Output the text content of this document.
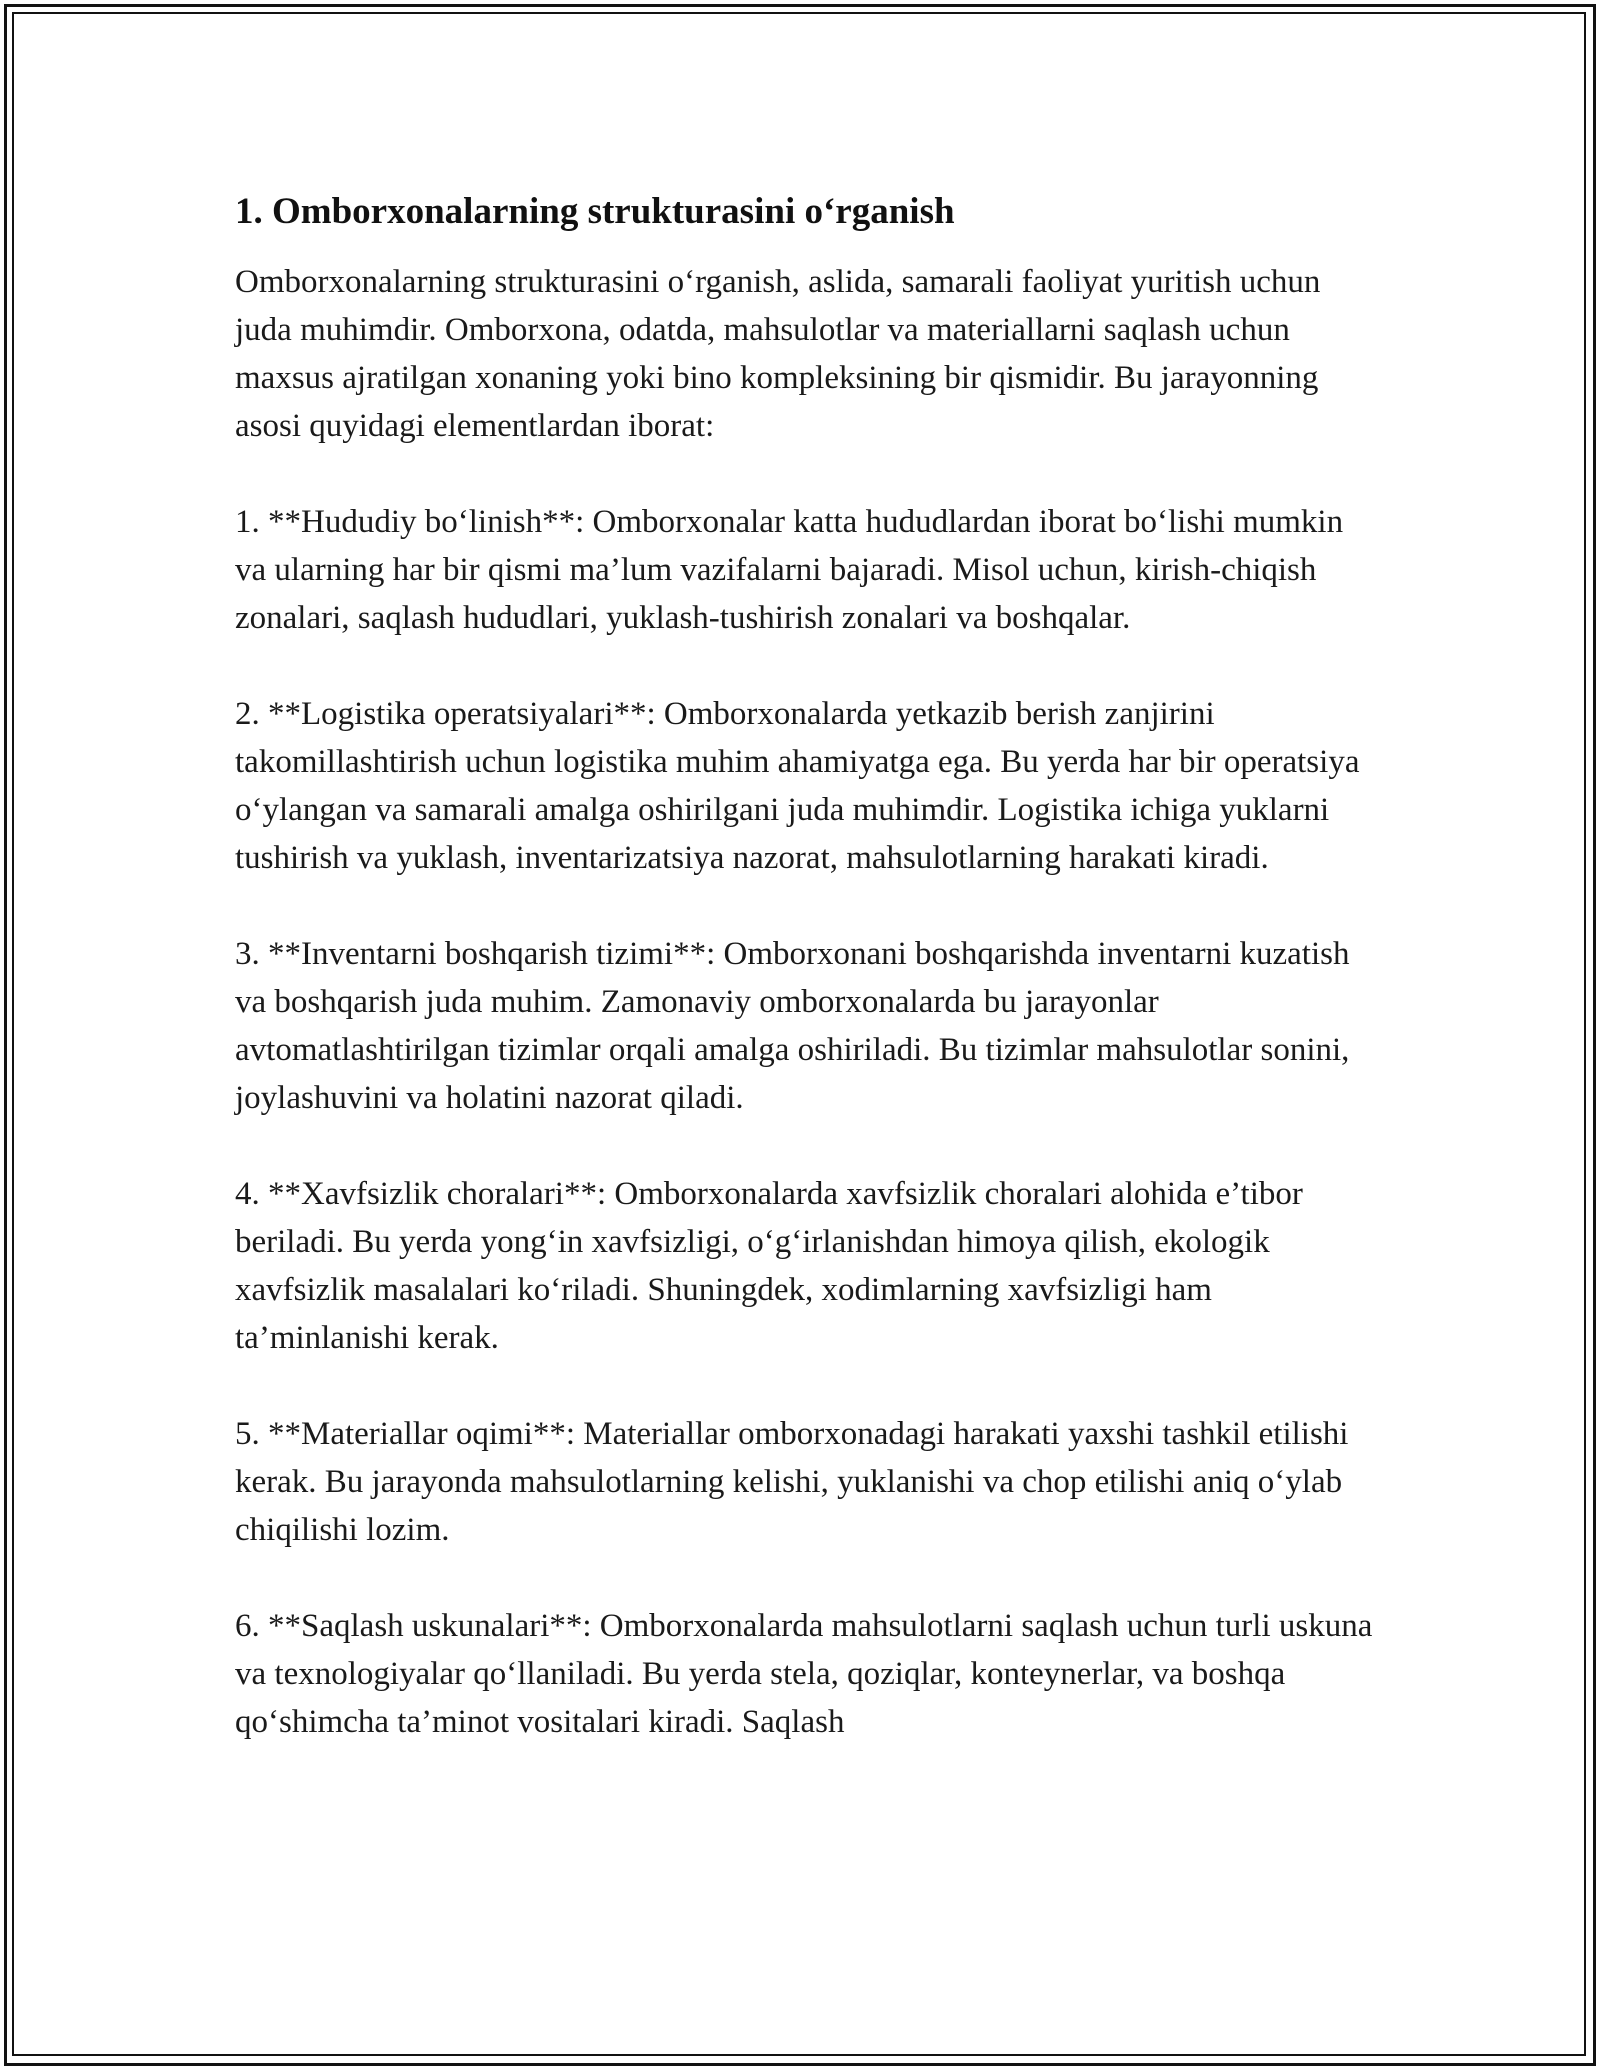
1. Omborxonalarning strukturasini o‘rganish

Omborxonalarning strukturasini o‘rganish, aslida, samarali faoliyat yuritish uchun juda muhimdir. Omborxona, odatda, mahsulotlar va materiallarni saqlash uchun maxsus ajratilgan xonaning yoki bino kompleksining bir qismidir. Bu jarayonning asosi quyidagi elementlardan iborat:

1. **Hududiy bo‘linish**: Omborxonalar katta hududlardan iborat bo‘lishi mumkin va ularning har bir qismi ma’lum vazifalarni bajaradi. Misol uchun, kirish-chiqish zonalari, saqlash hududlari, yuklash-tushirish zonalari va boshqalar.

2. **Logistika operatsiyalari**: Omborxonalarda yetkazib berish zanjirini takomillashtirish uchun logistika muhim ahamiyatga ega. Bu yerda har bir operatsiya o‘ylangan va samarali amalga oshirilgani juda muhimdir. Logistika ichiga yuklarni tushirish va yuklash, inventarizatsiya nazorat, mahsulotlarning harakati kiradi.

3. **Inventarni boshqarish tizimi**: Omborxonani boshqarishda inventarni kuzatish va boshqarish juda muhim. Zamonaviy omborxonalarda bu jarayonlar avtomatlashtirilgan tizimlar orqali amalga oshiriladi. Bu tizimlar mahsulotlar sonini, joylashuvini va holatini nazorat qiladi.

4. **Xavfsizlik choralari**: Omborxonalarda xavfsizlik choralari alohida e’tibor beriladi. Bu yerda yong‘in xavfsizligi, o‘g‘irlanishdan himoya qilish, ekologik xavfsizlik masalalari ko‘riladi. Shuningdek, xodimlarning xavfsizligi ham ta’minlanishi kerak.

5. **Materiallar oqimi**: Materiallar omborxonadagi harakati yaxshi tashkil etilishi kerak. Bu jarayonda mahsulotlarning kelishi, yuklanishi va chop etilishi aniq o‘ylab chiqilishi lozim.

6. **Saqlash uskunalari**: Omborxonalarda mahsulotlarni saqlash uchun turli uskuna va texnologiyalar qo‘llaniladi. Bu yerda stela, qoziqlar, konteynerlar, va boshqa qo‘shimcha ta’minot vositalari kiradi. Saqlash
